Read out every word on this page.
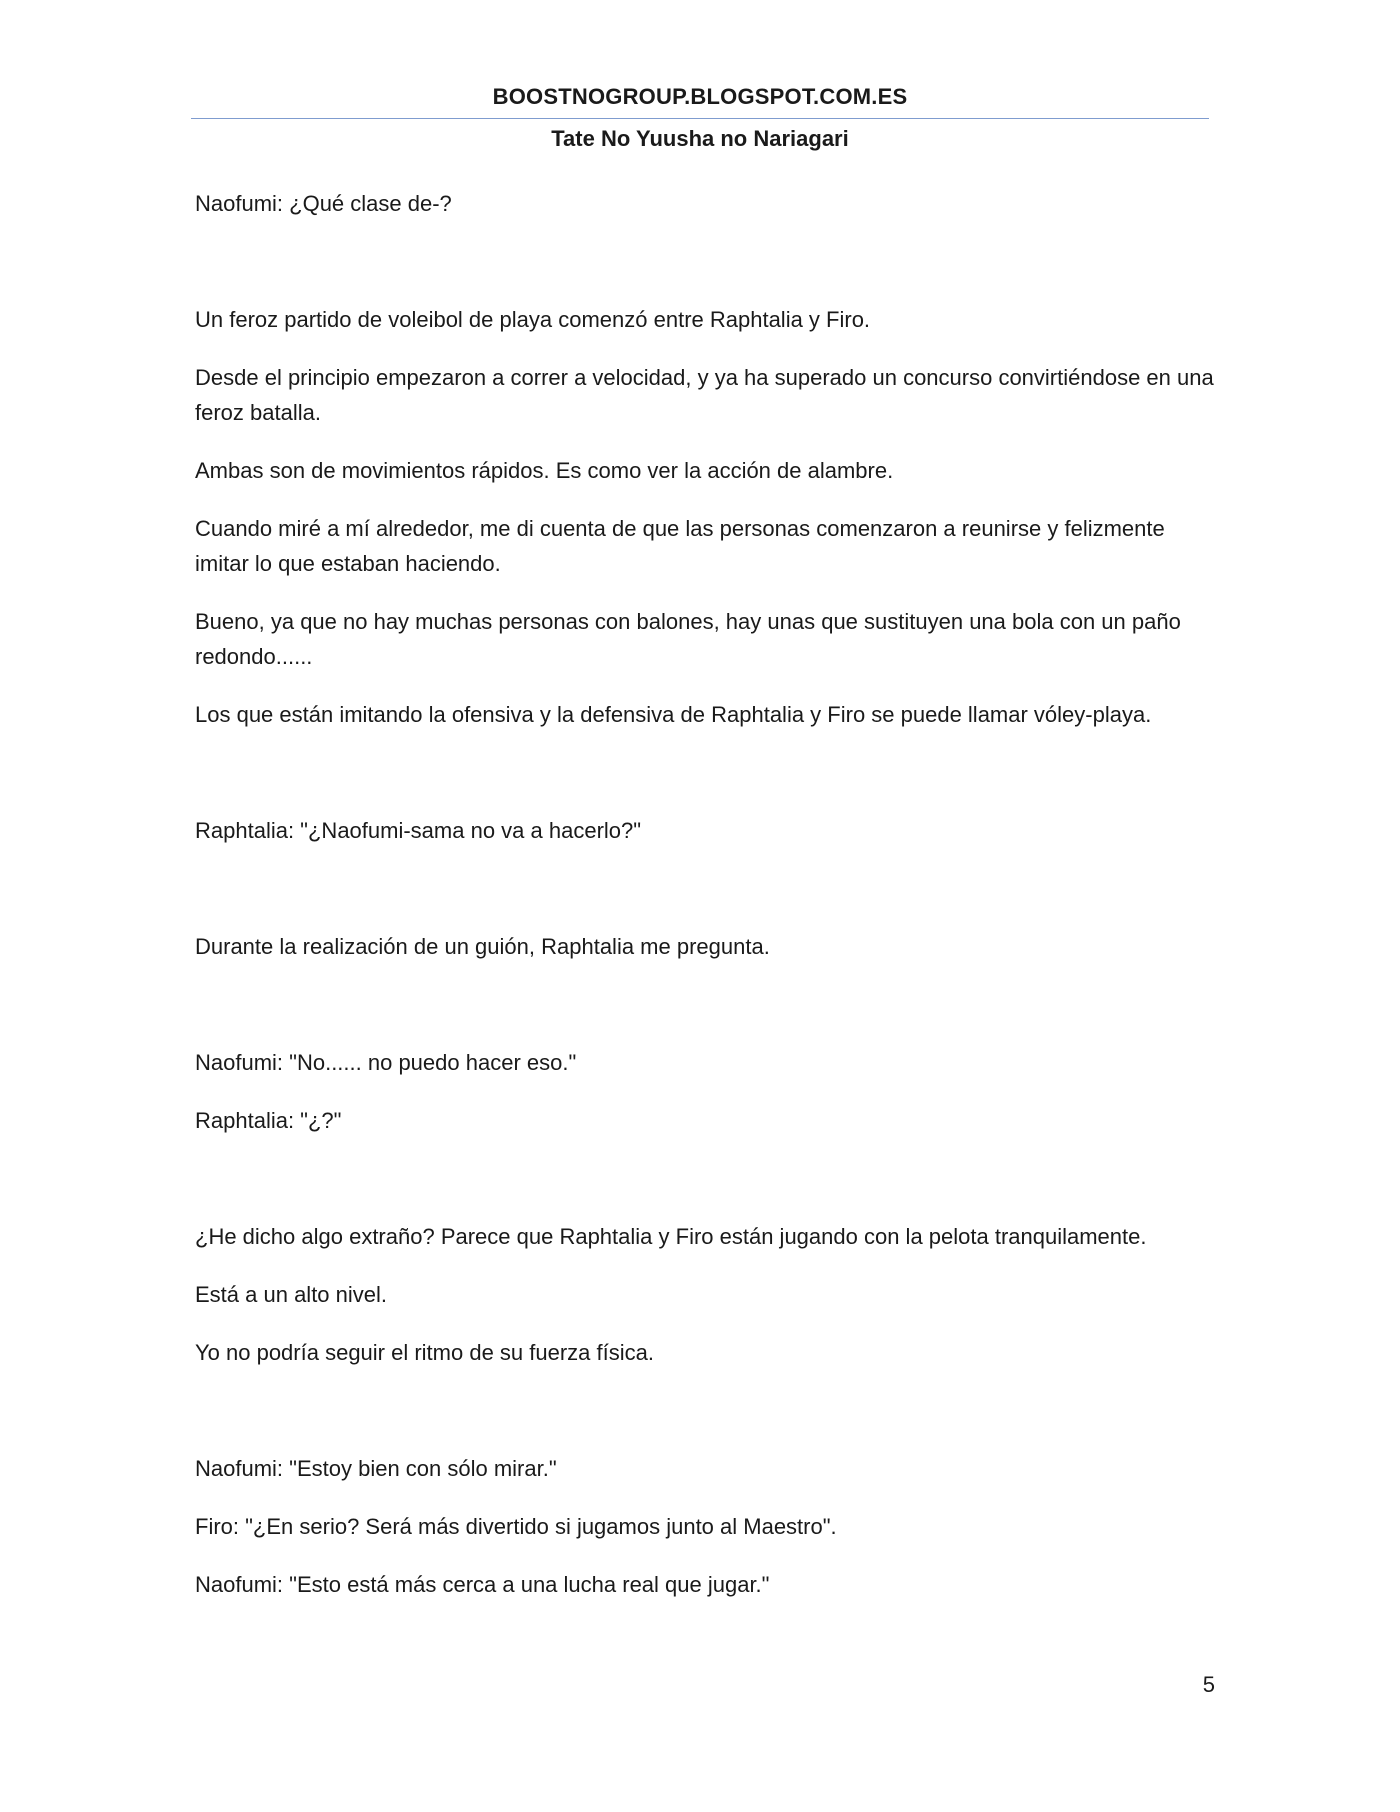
BOOSTNOGROUP.BLOGSPOT.COM.ES
Tate No Yuusha no Nariagari

Naofumi: ¿Qué clase de-?

Un feroz partido de voleibol de playa comenzó entre Raphtalia y Firo.

Desde el principio empezaron a correr a velocidad, y ya ha superado un concurso convirtiéndose en una feroz batalla.

Ambas son de movimientos rápidos. Es como ver la acción de alambre.

Cuando miré a mí alrededor, me di cuenta de que las personas comenzaron a reunirse y felizmente imitar lo que estaban haciendo.

Bueno, ya que no hay muchas personas con balones, hay unas que sustituyen una bola con un paño redondo......

Los que están imitando la ofensiva y la defensiva de Raphtalia y Firo se puede llamar vóley-playa.

Raphtalia: "¿Naofumi-sama no va a hacerlo?"

Durante la realización de un guión, Raphtalia me pregunta.

Naofumi: "No...... no puedo hacer eso."

Raphtalia: "¿?"

¿He dicho algo extraño? Parece que Raphtalia y Firo están jugando con la pelota tranquilamente.

Está a un alto nivel.

Yo no podría seguir el ritmo de su fuerza física.

Naofumi: "Estoy bien con sólo mirar."

Firo: "¿En serio? Será más divertido si jugamos junto al Maestro".

Naofumi: "Esto está más cerca a una lucha real que jugar."

5
